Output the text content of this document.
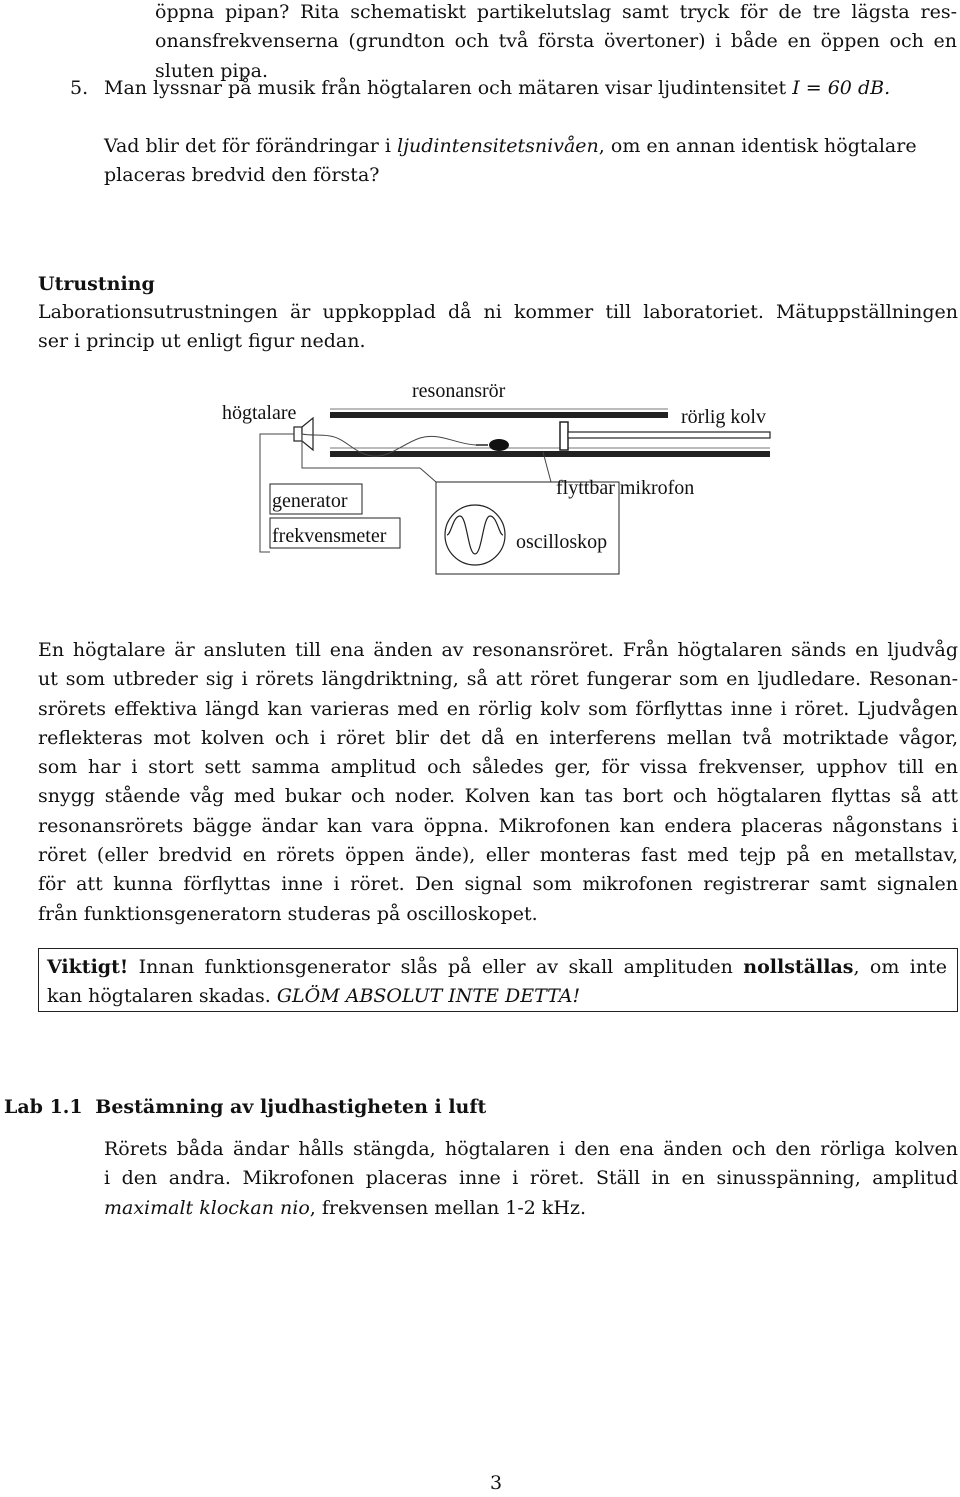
öppna pipan? Rita schematiskt partikelutslag samt tryck för de tre lägsta res-
onansfrekvenserna (grundton och två första övertoner) i både en öppen och en
sluten pipa.
5. Man lyssnar på musik från högtalaren och mätaren visar ljudintensitet I = 60 dB.
Vad blir det för förändringar i ljudintensitetsnivåen, om en annan identisk högtalare
placeras bredvid den första?
Utrustning
Laborationsutrustningen är uppkopplad då ni kommer till laboratoriet. Mätuppställningen
ser i princip ut enligt figur nedan.
högtalare
resonansrör
rörlig kolv
generator
frekvensmeter
flyttbar mikrofon
oscilloskop
En högtalare är ansluten till ena änden av resonansröret. Från högtalaren sänds en ljudvåg
ut som utbreder sig i rörets längdriktning, så att röret fungerar som en ljudledare. Resonan-
srörets effektiva längd kan varieras med en rörlig kolv som förflyttas inne i röret. Ljudvågen
reflekteras mot kolven och i röret blir det då en interferens mellan två motriktade vågor,
som har i stort sett samma amplitud och således ger, för vissa frekvenser, upphov till en
snygg stående våg med bukar och noder. Kolven kan tas bort och högtalaren flyttas så att
resonansrörets bägge ändar kan vara öppna. Mikrofonen kan endera placeras någonstans i
röret (eller bredvid en rörets öppen ände), eller monteras fast med tejp på en metallstav,
för att kunna förflyttas inne i röret. Den signal som mikrofonen registrerar samt signalen
från funktionsgeneratorn studeras på oscilloskopet.
Viktigt! Innan funktionsgenerator slås på eller av skall amplituden nollställas, om inte
kan högtalaren skadas. GLÖM ABSOLUT INTE DETTA!
Lab 1.1 Bestämning av ljudhastigheten i luft
Rörets båda ändar hålls stängda, högtalaren i den ena änden och den rörliga kolven
i den andra. Mikrofonen placeras inne i röret. Ställ in en sinusspänning, amplitud
maximalt klockan nio, frekvensen mellan 1-2 kHz.
3
